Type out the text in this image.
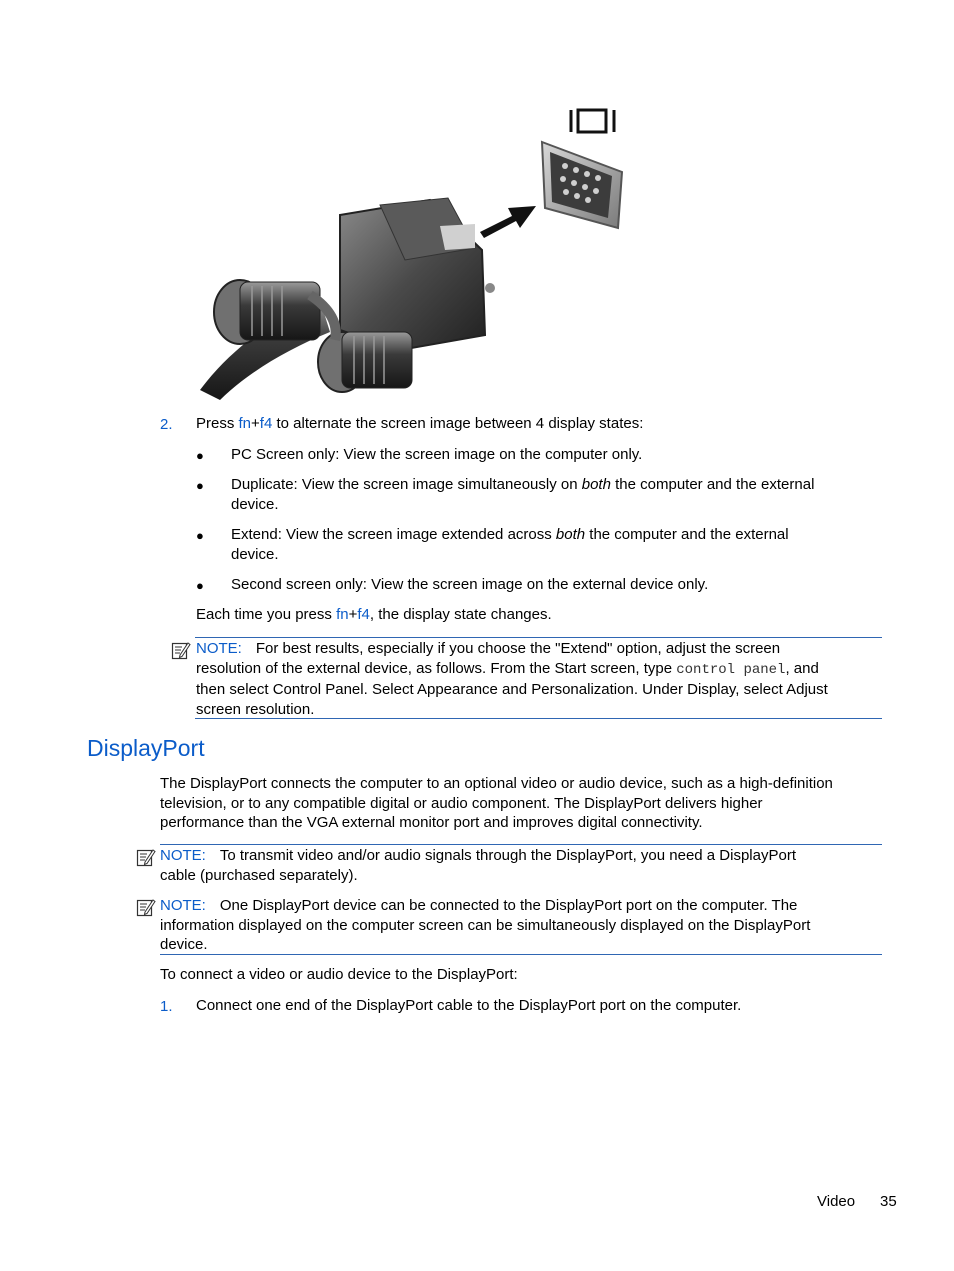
2. Press fn+f4 to alternate the screen image between 4 display states:
● PC Screen only: View the screen image on the computer only.
● Duplicate: View the screen image simultaneously on both the computer and the external
device.
● Extend: View the screen image extended across both the computer and the external
device.
● Second screen only: View the screen image on the external device only.
Each time you press fn+f4, the display state changes.
NOTE: For best results, especially if you choose the "Extend" option, adjust the screen
resolution of the external device, as follows. From the Start screen, type control panel, and
then select Control Panel. Select Appearance and Personalization. Under Display, select Adjust
screen resolution.
DisplayPort
The DisplayPort connects the computer to an optional video or audio device, such as a high-definition
television, or to any compatible digital or audio component. The DisplayPort delivers higher
performance than the VGA external monitor port and improves digital connectivity.
NOTE: To transmit video and/or audio signals through the DisplayPort, you need a DisplayPort
cable (purchased separately).
NOTE: One DisplayPort device can be connected to the DisplayPort port on the computer. The
information displayed on the computer screen can be simultaneously displayed on the DisplayPort
device.
To connect a video or audio device to the DisplayPort:
1. Connect one end of the DisplayPort cable to the DisplayPort port on the computer.
Video 35
